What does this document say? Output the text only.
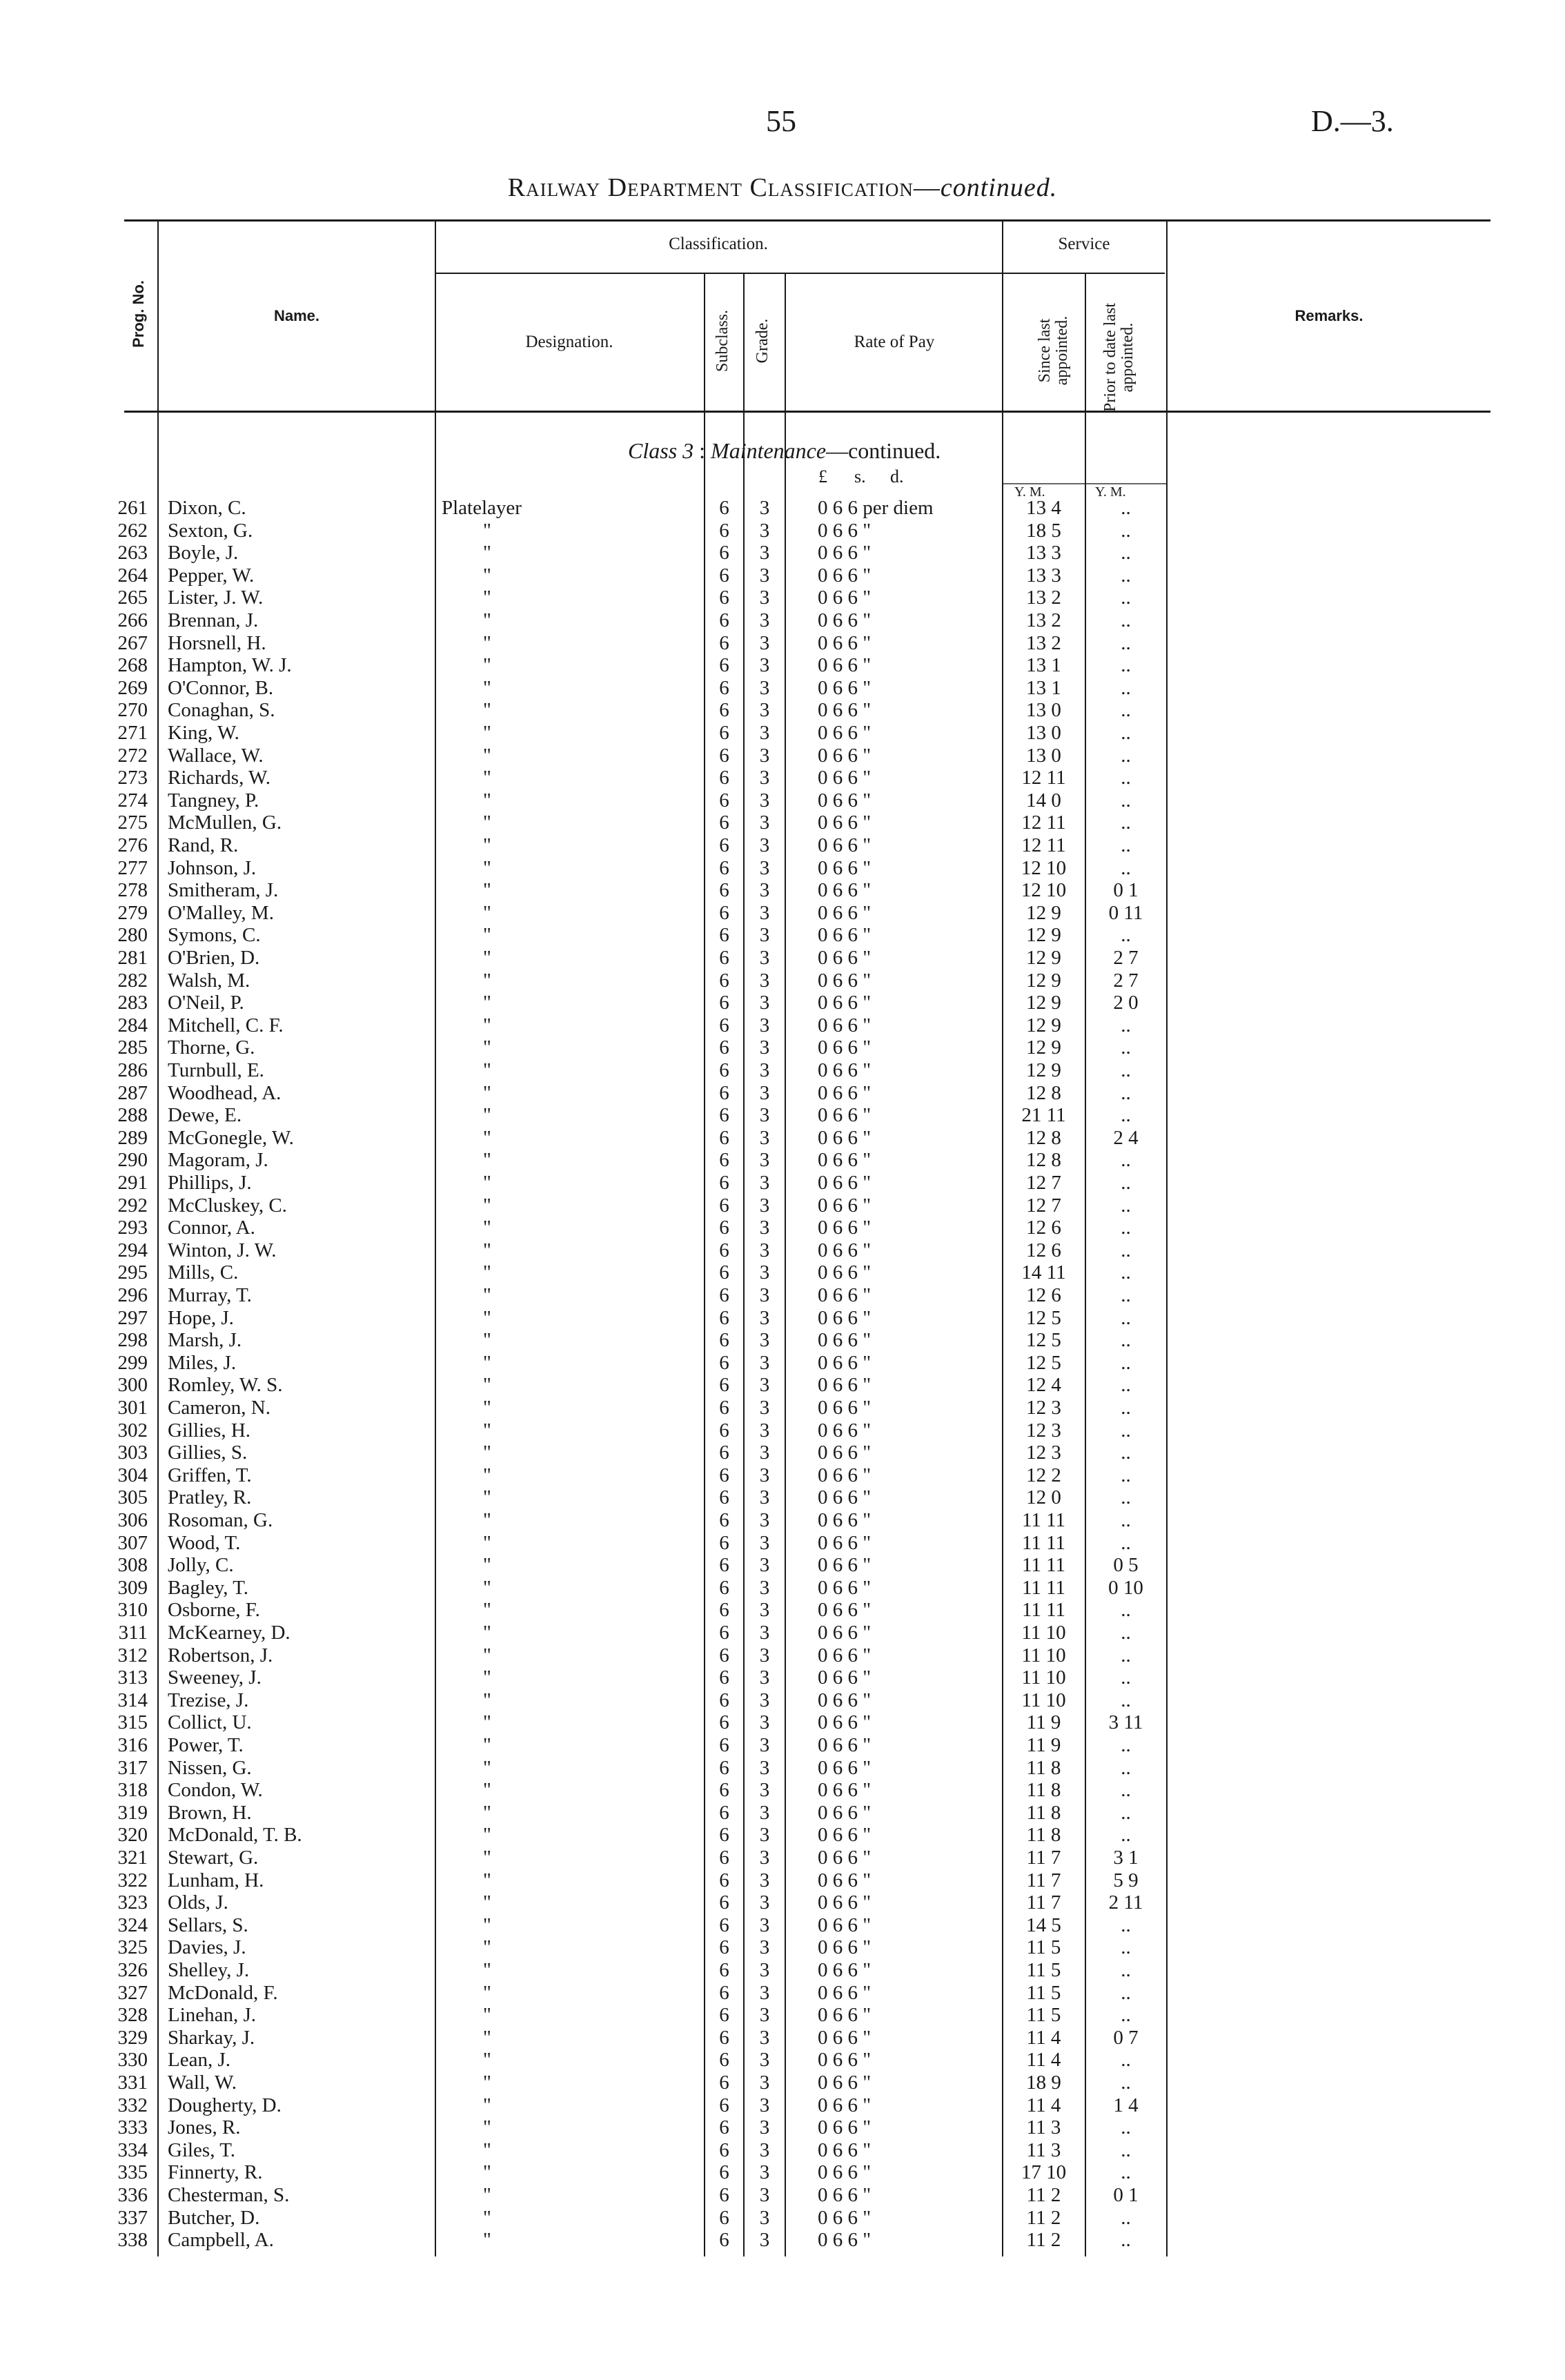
55	D.—3.
Railway Department Classification—continued.
Prog. No.	Name.
Classification.
Designation.	Subclass. Grade.	Rate of Pay
Service
Since last appointed. Prior to date last appointed.
Remarks.
Class 3 : Maintenance—continued.
£ s. d.
Y. M.	Y. M.
261 Dixon, C.	Platelayer	6	3	0 6 6 per diem	13 4	..
262 Sexton, G.	"	6	3	0 6 6 "	18 5	..
263 Boyle, J.	"	6	3	0 6 6 "	13 3	..
264 Pepper, W.	"	6	3	0 6 6 "	13 3	..
265 Lister, J. W.	"	6	3	0 6 6 "	13 2	..
266 Brennan, J.	"	6	3	0 6 6 "	13 2	..
267 Horsnell, H.	"	6	3	0 6 6 "	13 2	..
268 Hampton, W. J.	"	6	3	0 6 6 "	13 1	..
269 O'Connor, B.	"	6	3	0 6 6 "	13 1	..
270 Conaghan, S.	"	6	3	0 6 6 "	13 0	..
271 King, W.	"	6	3	0 6 6 "	13 0	..
272 Wallace, W.	"	6	3	0 6 6 "	13 0	..
273 Richards, W.	"	6	3	0 6 6 "	12 11	..
274 Tangney, P.	"	6	3	0 6 6 "	14 0	..
275 McMullen, G.	"	6	3	0 6 6 "	12 11	..
276 Rand, R.	"	6	3	0 6 6 "	12 11	..
277 Johnson, J.	"	6	3	0 6 6 "	12 10	..
278 Smitheram, J.	"	6	3	0 6 6 "	12 10	0 1
279 O'Malley, M.	"	6	3	0 6 6 "	12 9	0 11
280 Symons, C.	"	6	3	0 6 6 "	12 9	..
281 O'Brien, D.	"	6	3	0 6 6 "	12 9	2 7
282 Walsh, M.	"	6	3	0 6 6 "	12 9	2 7
283 O'Neil, P.	"	6	3	0 6 6 "	12 9	2 0
284 Mitchell, C. F.	"	6	3	0 6 6 "	12 9	..
285 Thorne, G.	"	6	3	0 6 6 "	12 9	..
286 Turnbull, E.	"	6	3	0 6 6 "	12 9	..
287 Woodhead, A.	"	6	3	0 6 6 "	12 8	..
288 Dewe, E.	"	6	3	0 6 6 "	21 11	..
289 McGonegle, W.	"	6	3	0 6 6 "	12 8	2 4
290 Magoram, J.	"	6	3	0 6 6 "	12 8	..
291 Phillips, J.	"	6	3	0 6 6 "	12 7	..
292 McCluskey, C.	"	6	3	0 6 6 "	12 7	..
293 Connor, A.	"	6	3	0 6 6 "	12 6	..
294 Winton, J. W.	"	6	3	0 6 6 "	12 6	..
295 Mills, C.	"	6	3	0 6 6 "	14 11	..
296 Murray, T.	"	6	3	0 6 6 "	12 6	..
297 Hope, J.	"	6	3	0 6 6 "	12 5	..
298 Marsh, J.	"	6	3	0 6 6 "	12 5	..
299 Miles, J.	"	6	3	0 6 6 "	12 5	..
300 Romley, W. S.	"	6	3	0 6 6 "	12 4	..
301 Cameron, N.	"	6	3	0 6 6 "	12 3	..
302 Gillies, H.	"	6	3	0 6 6 "	12 3	..
303 Gillies, S.	"	6	3	0 6 6 "	12 3	..
304 Griffen, T.	"	6	3	0 6 6 "	12 2	..
305 Pratley, R.	"	6	3	0 6 6 "	12 0	..
306 Rosoman, G.	"	6	3	0 6 6 "	11 11	..
307 Wood, T.	"	6	3	0 6 6 "	11 11	..
308 Jolly, C.	"	6	3	0 6 6 "	11 11	0 5
309 Bagley, T.	"	6	3	0 6 6 "	11 11	0 10
310 Osborne, F.	"	6	3	0 6 6 "	11 11	..
311 McKearney, D.	"	6	3	0 6 6 "	11 10	..
312 Robertson, J.	"	6	3	0 6 6 "	11 10	..
313 Sweeney, J.	"	6	3	0 6 6 "	11 10	..
314 Trezise, J.	"	6	3	0 6 6 "	11 10	..
315 Collict, U.	"	6	3	0 6 6 "	11 9	3 11
316 Power, T.	"	6	3	0 6 6 "	11 9	..
317 Nissen, G.	"	6	3	0 6 6 "	11 8	..
318 Condon, W.	"	6	3	0 6 6 "	11 8	..
319 Brown, H.	"	6	3	0 6 6 "	11 8	..
320 McDonald, T. B.	"	6	3	0 6 6 "	11 8	..
321 Stewart, G.	"	6	3	0 6 6 "	11 7	3 1
322 Lunham, H.	"	6	3	0 6 6 "	11 7	5 9
323 Olds, J.	"	6	3	0 6 6 "	11 7	2 11
324 Sellars, S.	"	6	3	0 6 6 "	14 5	..
325 Davies, J.	"	6	3	0 6 6 "	11 5	..
326 Shelley, J.	"	6	3	0 6 6 "	11 5	..
327 McDonald, F.	"	6	3	0 6 6 "	11 5	..
328 Linehan, J.	"	6	3	0 6 6 "	11 5	..
329 Sharkay, J.	"	6	3	0 6 6 "	11 4	0 7
330 Lean, J.	"	6	3	0 6 6 "	11 4	..
331 Wall, W.	"	6	3	0 6 6 "	18 9	..
332 Dougherty, D.	"	6	3	0 6 6 "	11 4	1 4
333 Jones, R.	"	6	3	0 6 6 "	11 3	..
334 Giles, T.	"	6	3	0 6 6 "	11 3	..
335 Finnerty, R.	"	6	3	0 6 6 "	17 10	..
336 Chesterman, S.	"	6	3	0 6 6 "	11 2	0 1
337 Butcher, D.	"	6	3	0 6 6 "	11 2	..
338 Campbell, A.	"	6	3	0 6 6 "	11 2	..
